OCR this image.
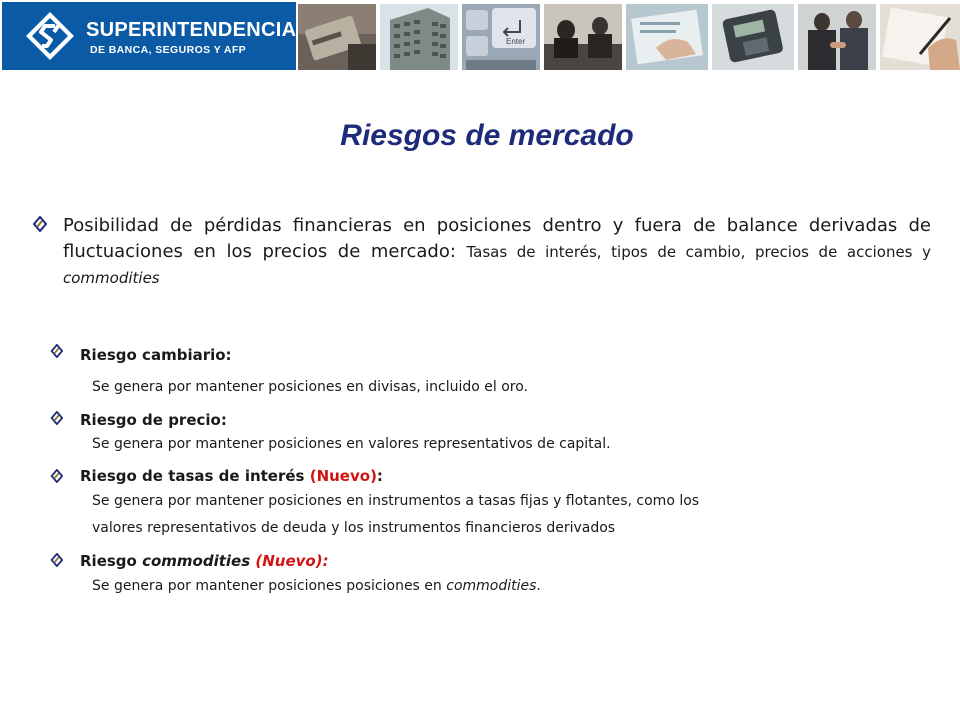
SUPERINTENDENCIA
DE BANCA, SEGUROS Y AFP
Enter
Riesgos de mercado

Posibilidad de pérdidas financieras en posiciones dentro y fuera de balance derivadas de fluctuaciones en los precios de mercado: Tasas de interés, tipos de cambio, precios de acciones y commodities

Riesgo cambiario:
Se genera por mantener posiciones en divisas, incluido el oro.
Riesgo de precio:
Se genera por mantener posiciones en valores representativos de capital.
Riesgo de tasas de interés (Nuevo):
Se genera por mantener posiciones en instrumentos a tasas fijas y flotantes, como los
valores representativos de deuda y los instrumentos financieros derivados
Riesgo commodities (Nuevo):
Se genera por mantener posiciones posiciones en commodities.
